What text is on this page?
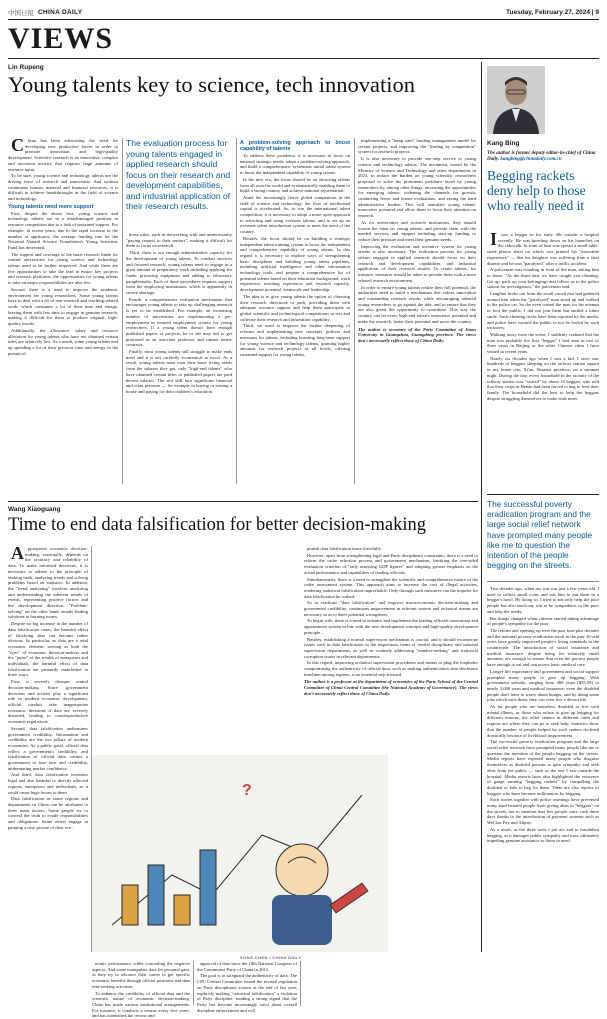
中国日报 CHINA DAILY	Tuesday, February 27, 2024 | 9
VIEWS
Lin Rupeng
Young talents key to science, tech innovation

China has been advocating the need for developing new productive forces in order to promote innovation and high-quality development. Scientific research is an innovative, complex and uncertain activity that requires large amounts of resource input.

To be sure, young science and technology talents are the driving force of research and innovation. And without continuous human, material and financial resources, it is difficult to achieve breakthroughs in the field of science and technology.

Young talents need more support

First, despite the above fact, young science and technology talents are in a disadvantaged position in resource competition due to a lack of sustained support. For example, in recent years, due to the rapid increase in the number of applicants, the average funding rate for the National Natural Science Foundation's Young Scientists Fund has decreased.

The support and coverage of the basic research funds for central universities for young science and technology talents need to be further improved. And while there are few opportunities to take the lead in major, key projects and research platforms, the opportunities for young talents to take on major responsibilities are also few.

Second, there is a need to improve the academic environment for young researchers. Some young talents have to deal with a lot of non-research and teaching-related work, which consumes a lot of their time and energy, leaving them with less time to engage in genuine research, making it difficult for them to produce original, high-quality results.

Additionally, the allowance, salary and resource allocation for young talents who have not obtained certain titles are relatively low. As a result, some young talents end up spending a lot of their precious time and energy in the pursuit of

The evaluation process for young talents engaged in applied research should focus on their research and development capabilities, and industrial application of their research results.

those titles, such as networking with and unnecessarily "paying respect to their seniors", making it difficult for them to focus on research.

Third, there is not enough administrative capacity for the development of young talents. To conduct services and focused research, young talents need to engage in a great amount of preparatory work including applying for funds, procuring equipment and adding to laboratory paraphernalia. Each of these procedures requires support from the employing institutions, which is apparently in severe shortage.

Fourth, a comprehensive evaluation mechanism that encourages young talents to take up challenging research is yet to be established. For example, an increasing number of universities are implementing a pre-employment or tenured employment system for young researchers. If a young talent doesn't have enough published papers or projects, he or she may fail to get promoted as an associate professor and cannot renew contracts.

Finally, most young talents still struggle to make ends meet and it is not carefully economical to excel. As a result, young talents must earn their basic living needs from the salaries they get, only "high-end talents" who have obtained certain titles or published papers are paid decent salaries. The rest still face significant financial and other pressure — for example in buying or renting a house and paying for their children's education.

A problem-solving approach to boost capability of talents

To address these problems, it is necessary to focus on national strategic needs, adopt a problem-solving approach, and build a comprehensive, systematic initial talent system to boost the independent capability of young talents.

In the new era, the focus should be on attracting talents from all over the world and systematically enabling them to build a strong country and achieve national rejuvenation.

Amid the increasingly fierce global competition in the field of science and technology, the flow of intellectual capital is accelerated. So, to win the international talent competition, it is necessary to adopt a more open approach to attracting and using overseas talents, and to set up an overseas talent introduction system to meet the need of the country.

Besides, the focus should be on building a strategic independent talent training system to boost the independent and comprehensive capability of young talents. In this regard, it is necessary to explore ways of strengthening basic disciplines and building young talent pipelines, including artificial intelligence and other information technology tools, and prepare a comprehensive list of potential talents based on their education background, work experience, teaching experience and research capacity, development potential, teamwork and leadership.

The idea is to give young talents the option of choosing their research directions or path, providing them with adequate resource support and help them participate in global scientific and technological competitions to test and cultivate their research and innovation capability.

Third, we need to improve the further deepening of reforms and implementing new concepts, policies and measures for talents, including boosting long-term support for young science and technology talents, granting higher amounts for research projects at all levels, offering sustained support for young talents,

implementing a "lump sum" funding management model for certain projects, and improving the "leading by competition" system for research projects.

It is also necessary to provide one-step service to young science and technology talents. The document, issued by the Ministry of Science and Technology and other departments in 2023, to reduce the burden on young scientific researchers proposed to solve the prominent problems faced by young researchers by, among other things, increasing the opportunities for emerging talents, widening the channels for growth, conducting fewer and leaner evaluations, and easing the hard administrative burden. This will stimulate young talents' innovative potential and allow them to focus their attention on research.

As for universities and research institutions, they should loosen the reins on young talents, and provide them with the needed services and support including start-up funding to reduce their pressure and meet their genuine needs.

Improving the evaluation and incentive system for young talents is also necessary. The evaluation process for young talents engaged in applied research should focus on their research and development capabilities, and industrial application of their research results. To retain talents, for instance, measures should be taken to provide them with a more relaxed research environment.

In order to ensure young talents realize their full potential, the authorities need to build a mechanism that values innovation and outstanding research results while encouraging talented young researchers to go against the tide, and to ensure that they are also given the opportunity to contribute. This way the country can let every high-end talent's innovative potential and make the research, better their potential and serve the country.

The author is secretary of the Party Committee of Jinan University in Guangzhou, Guangdong province. The views don't necessarily reflect those of China Daily.

Kang Bing
The author is former deputy editor-in-chief of China Daily. kangbing@chinadaily.com.cn
Begging rackets deny help to those who really need it

Isaw a beggar in his early 40s outside a hospital recently. He was kneeling down on his haunches on the sidewalk. In front of him was spread a small table-sized plastic sheet on which was printed his "miserable experience" — that his daughter was suffering from a fatal disease and he was "paralyzed" after a traffic accident.

A policeman was standing in front of the man, asking him to leave. "At the third time we have caught you cheating. Get up, pack up your belongings and follow us to the police station for investigation," the policeman said.

Laughter broke out from the small crowd that had gathered around him when the "paralyzed" man stood up and walked to the police car. So the even cursed the man for his attempt to fool the public. I did not join them but smiled a bitter smile. Such cheating tricks have been reported by the media, and police have warned the public to not be fooled by such tricksters.

Walking away from the scene, I suddenly realized that the man was probably the first "beggar" I had seen in two or three years in Beijing or the other Chinese cities I have visited in recent years.

Nearly six decades ago when I was a kid, I once saw hundreds of beggars sleeping on the railway station square in my home city, Xi'an, Shaanxi province, on a summer night. During the day, every household in the vicinity of the railway station was "visited" by about 10 beggars who told that their crops in Henan had been forced to beg to feed their family. The household did the best to help the beggars despite struggling themselves to make ends meet.

The successful poverty eradication program and the large social relief network have prompted many people like me to question the intention of the people begging on the streets.

Two decades ago, when my son was just a few years old, I used to collect small coins and ask him to put them in a beggar's bowl. By doing so, I tried to not only help the poor people but also teach my son to be sympathetic to the poor and help the needy.

But things changed when citizens started taking advantage of people's sympathy for the poor.

The reform and opening-up over the past four-plus decades and the national poverty eradication work in the past 10-odd years have greatly improved people's living standards in the countryside. The introduction of social insurance and medical insurance, despite being for relatively small amounts, are enough to ensure that even the poorest people have enough to eat and can access basic medical care.

Longer life expectancy and government and social support prompted many people to give up begging. With government subsidy, ranging from 400 yuan ($55.59) to nearly 2,000 yuan and medical insurance, even the disabled people don't have to worry about hunger, and by doing some jobs which suits them, they can even live a decent life.

As for people who are homeless, disabled or live with mental illness, or those who refuse to give up begging for different reasons, the relief centers in different cities and regions are where they can go to seek help. Statistics show that the number of people helped by such centers declined drastically because of livelihood improvement.

The successful poverty eradication program and the large social relief network have prompted many people like me to question the intention of the people begging on the streets. Media reports have exposed many people who disguise themselves as disabled persons to gain sympathy and seek alms from the public — such as the one I saw outside the hospital. Media reports have also highlighted the existence of gangs running "begging rackets" by compelling the disabled or kids to beg for them. There are also reports of beggars who have become millionaires by begging.

Such stories together with police warnings have prevented many kind-hearted people from giving alms to "beggars" on the streets, not to mention that few people carry cash these days thanks to the introduction of payment systems such as WeChat Pay and Alipay.

As a result, as the three tools I put are and to fraudulent begging, as it damages public sympathy and trust, ultimately impeding genuine assistance to those in need.

Wang Xiaoguang
Time to end data falsification for better decision-making

Appropriate economic decision-making, essentially, depends on the accuracy and reliability of data. To make informed decisions, it is necessary to adhere to the principle of seeking truth, analyzing trends and solving problems based on statistics. In addition, the "trend analyzing" involves analyzing and understanding the inherent trends of events, representing positive factors and the development direction. "Problem-solving" on the other hand, entails finding solutions to burning issues.

Despite no big increase in the number of data falsification cases, the harmful effect of falsifying data can become rather obvious. In particular, as data are a vital economic element, serving as both the "eyes" of economic decision-makers and the "pulse" of the wealth of enterprises and individuals, the harmful effect of data falsification are primarily manifested in three ways.

First, it severely disrupts central decision-making. Since government decisions and actions play a significant role in modern economic development, official conduct take inappropriate economic decisions if data are severely distorted, leading to counterproductive economic regulations.

Second, data falsification undermines government credibility. Information and credibility are the two pillars of modern economies. As a public good, official data reflect a government's credibility, and falsification of official data creates a government to lose face and credibility, undermining market confidence.

And third, data falsification increases legal and also harmful to directly affected regions, enterprises and individuals, as it could cause huge losses to them.

Data falsification in some regions and departments in China can be attributed to three main factors. Some people try to conceal the truth to evade responsibilities and obligations. Some others engage in painting a rosy picture of their eco-

?
SONG CHEN / CHINA DAILY

nomic performance while concealing the negative aspects. And some manipulate data for personal gain, as they try to advance their career to get specific economic benefits through official positions and data rent-seeking activities.

To enhance the credibility of official data and the scientific nature of economic decision-making, China has made various institutional arrangements. For instance, it conducts a census every five years, and has intensified the review and

approval of data since the 18th National Congress of the Communist Party of China in 2012.

The goal is to safeguard the authenticity of data. The CPC Central Committee issued the revised regulation on Party disciplinary actions at the end of last year, explicitly making "statistical falsification" a violation of Party discipline, sending a strong signal that the Party has become increasingly strict about overall discipline enforcement and will

punish data falsification more forcefully.

However, apart from strengthening legal and Party disciplinary constraints, there is a need to reform the cadre selection process and government mechanism, breaking the one-sided evaluation criterion of "only assessing GDP figures" and adopting greater emphasis on the actual performance and capabilities of leading officials.

Simultaneously, there is a need to strengthen the scientific and comprehensive nature of the cadre assessment system. This approach aims to increase the cost of illegal activities, rendering statistical falsification unprofitable. Only through such measures can the impulse for data falsification be curbed.

So to eradicate "data falsification" and improve macroeconomic decision-making and government credibility, continuous improvement in relevant system and technical means are necessary so as to deter potential wrongdoers.

To begin with, there is a need to enhance and implement the leading officials assessment and appointment system in line with the new development concepts and high-quality development principle.

Besides, establishing a normal supervision mechanism is crucial, and it should incorporate issues such as data falsification in the inspections items of central disciplinary and national supervision departments, as well as routinely addressing "number-seeking" and statistical corruption issues in relevant departments.

In this regard, improving technical supervision procedures and means to plug the loopholes compromising the authenticity of official data, such as making authentication data disclosure timelines among regions, is an essential step forward.

The author is a professor at the department of economics of the Party School of the Central Committee of China Central Committee (the National Academy of Governance). The views don't necessarily reflect those of China Daily.
